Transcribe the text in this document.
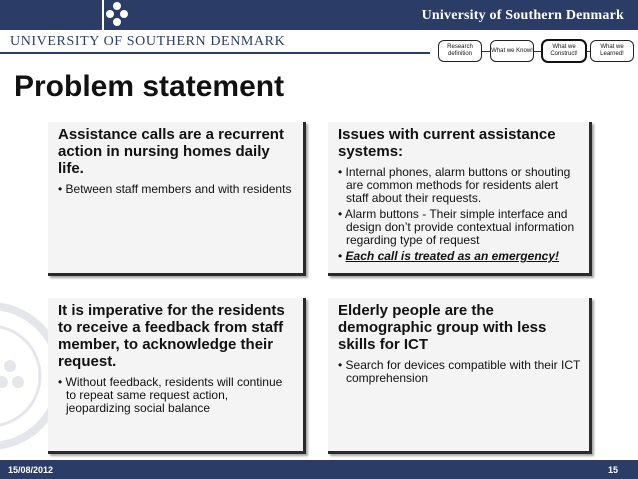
University of Southern Denmark
UNIVERSITY OF SOUTHERN DENMARK	Research definition
What we Know!
What we Construct!
What we Learned!
Problem statement
Assistance calls are a recurrent action in nursing homes daily life.
• Between staff members and with residents
Issues with current assistance systems:
• Internal phones, alarm buttons or shouting are common methods for residents alert staff about their requests.
• Alarm buttons - Their simple interface and design don’t provide contextual information regarding type of request
• Each call is treated as an emergency!
It is imperative for the residents to receive a feedback from staff member, to acknowledge their request.
• Without feedback, residents will continue to repeat same request action, jeopardizing social balance
Elderly people are the demographic group with less skills for ICT
• Search for devices compatible with their ICT comprehension
15/08/2012	15
